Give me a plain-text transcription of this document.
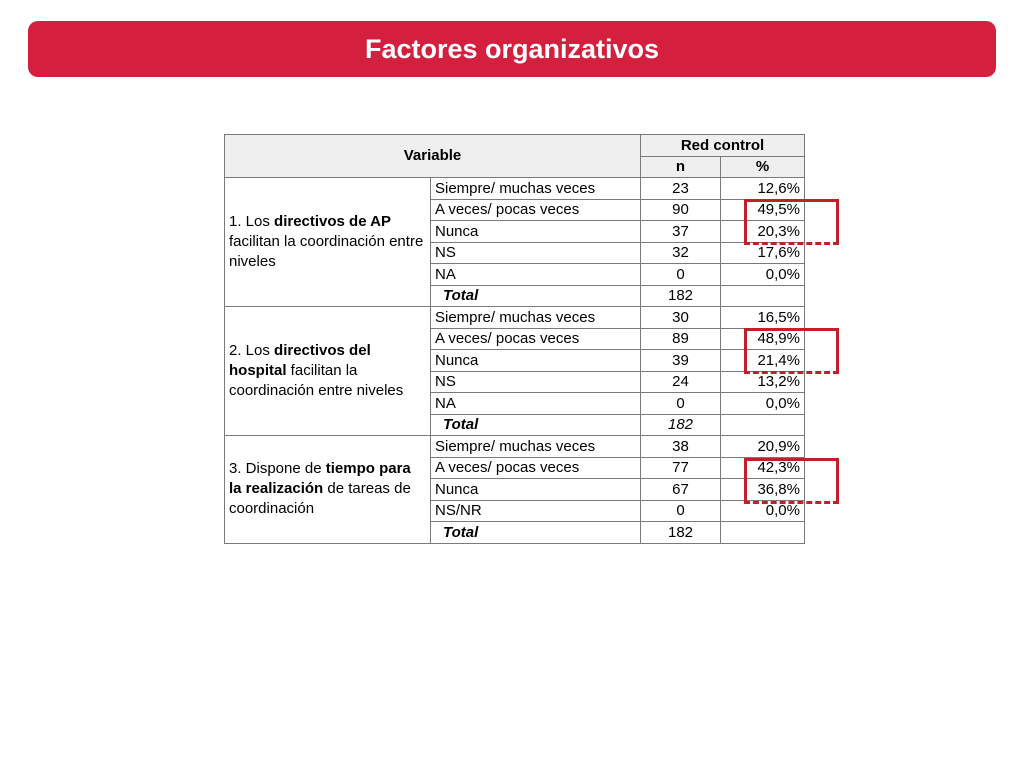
Factores organizativos
Variable		Red control	
		n	%
1. Los directivos de AP facilitan la coordinación entre niveles	Siempre/ muchas veces	23	12,6%
	A veces/ pocas veces	90	49,5%
	Nunca	37	20,3%
	NS	32	17,6%
	NA	0	0,0%
	Total	182	
2. Los directivos del hospital facilitan la coordinación entre niveles	Siempre/ muchas veces	30	16,5%
	A veces/ pocas veces	89	48,9%
	Nunca	39	21,4%
	NS	24	13,2%
	NA	0	0,0%
	Total	182	
3. Dispone de tiempo para la realización de tareas de coordinación	Siempre/ muchas veces	38	20,9%
	A veces/ pocas veces	77	42,3%
	Nunca	67	36,8%
	NS/NR	0	0,0%
	Total	182	
